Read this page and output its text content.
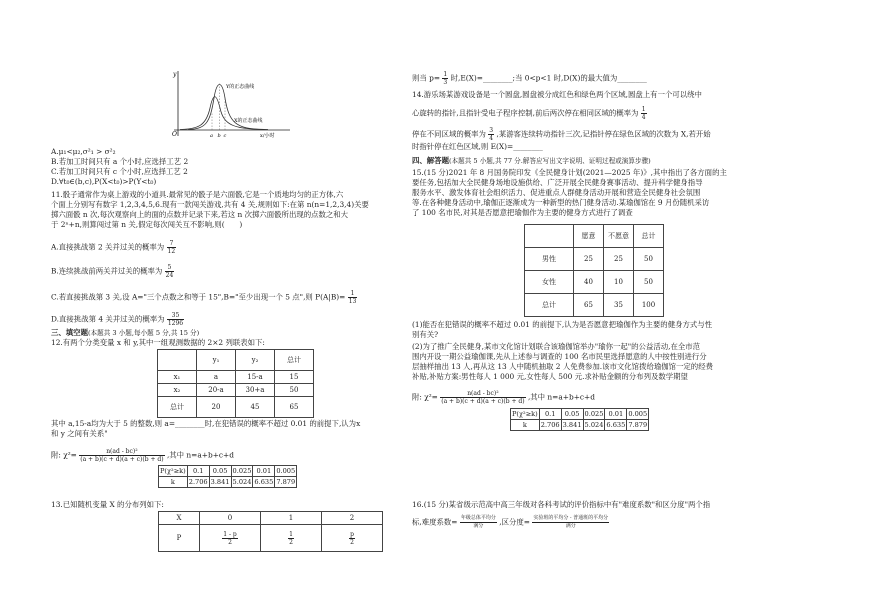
y
O	x/小时
a b c
Y的正态曲线
X的正态曲线
A.μ₁<μ₂,σ²₁ > σ²₂
B.若加工时间只有 a 个小时,应选择工艺 2
C.若加工时间只有 c 个小时,应选择工艺 2
D.∀t₀∈(b,c),P(X<t₀)>P(Y<t₀)
11.骰子通常作为桌上游戏的小道具.最常见的骰子是六面骰,它是一个质地均匀的正方体,六
个面上分别写有数字 1,2,3,4,5,6.现有一款闯关游戏,共有 4 关,规则如下:在第 n(n=1,2,3,4)关要
掷六面骰 n 次,每次观察向上的面的点数并记录下来,若这 n 次掷六面骰所出现的点数之和大
于 2ⁿ+n,则算闯过第 n 关,假定每次闯关互不影响,则(　　)
A.直接挑战第 2 关并过关的概率为 $\frac{7}{12}$
B.连续挑战前两关并过关的概率为 $\frac{5}{24}$
C.若直接挑战第 3 关,设 A="三个点数之和等于 15",B="至少出现一个 5 点",则 $P(A|B)= \frac{1}{13}$
D.直接挑战第 4 关并过关的概率为 $\frac{35}{1296}$
三、填空题(本题共 3 小题,每小题 5 分,共 15 分)
12.有两个分类变量 x 和 y,其中一组观测数据的 2×2 列联表如下:
	y₁	y₂	总计
x₁	a	15-a	15
x₂	20-a	30+a	50
总计	20	45	65
其中 a,15-a均为大于 5 的整数,则 a=________时,在犯错误的概率不超过 0.01 的前提下,认为x
和 y 之间有关系"
附: $\chi^2= \frac{\text{n(ad - bc)²}}{(a + b)(c + d)(a + c)(b + d)}$ ,其中 n=a+b+c+d
P(χ²≥k)	0.1	0.05	0.025	0.01	0.005
k	2.706	3.841	5.024	6.635	7.879
13.已知随机变量 X 的分布列如下:
X	0	1	2
P	$\frac{1 - p}{2}$	$\frac{1}{2}$	$\frac{p}{2}$
则当 $p= \frac{1}{3}$ 时,E(X)=________;当 0<p<1 时,D(X)的最大值为________
14.游乐场某游戏设备是一个圆盘,圆盘被分成红色和绿色两个区域,圆盘上有一个可以绕中
心旋转的指针,且指针受电子程序控制,前后两次停在相同区域的概率为 $\frac{1}{4}$
停在不同区域的概率为 $\frac{3}{4}$ ,某游客连续转动指针三次,记指针停在绿色区域的次数为 X,若开始
时指针停在红色区域,则 E(X)=________
四、解答题(本题共 5 小题,共 77 分.解答应写出文字说明、证明过程或演算步骤)
15.(15 分)2021 年 8 月国务院印发《全民健身计划(2021—2025 年)》,其中指出了各方面的主
要任务,包括加大全民健身场地设施供给、广泛开展全民健身赛事活动、提升科学健身指导
服务水平、激发体育社会组织活力、促进重点人群健身活动开展和营造全民健身社会氛围
等.在各种健身活动中,瑜伽正逐渐成为一种新型的热门健身活动.某瑜伽馆在 9 月份随机采访
了 100 名市民,对其是否愿意把瑜伽作为主要的健身方式进行了调查
	愿意	不愿意	总计
男性	25	25	50
女性	40	10	50
总计	65	35	100
(1)能否在犯错误的概率不超过 0.01 的前提下,认为是否愿意把瑜伽作为主要的健身方式与性
别有关?
(2)为了推广全民健身,某市文化馆计划联合该瑜伽馆举办"瑜你一起"的公益活动,在全市范
围内开设一期公益瑜伽课,先从上述参与调查的 100 名市民里选择愿意的人中按性别进行分
层抽样抽出 13 人,再从这 13 人中随机抽取 2 人免费参加.该市文化馆拨给瑜伽馆一定的经费
补贴,补贴方案:男性每人 1 000 元,女性每人 500 元.求补贴金额的分布列及数学期望
附: $\chi^2= \frac{\text{n(ad - bc)²}}{(a + b)(c + d)(a + c)(b + d)}$ ,其中 n=a+b+c+d
P(χ²≥k)	0.1	0.05	0.025	0.01	0.005
k	2.706	3.841	5.024	6.635	7.879
16.(15 分)某省级示范高中高三年级对各科考试的评价指标中有"难度系数"和区分度"两个指
标,难度系数= $\frac{\text{年级总体平均分}}{\text{满分}}$ ,区分度= $\frac{\text{实验班的平均分 - 普通班的平均分}}{\text{满分}}$
